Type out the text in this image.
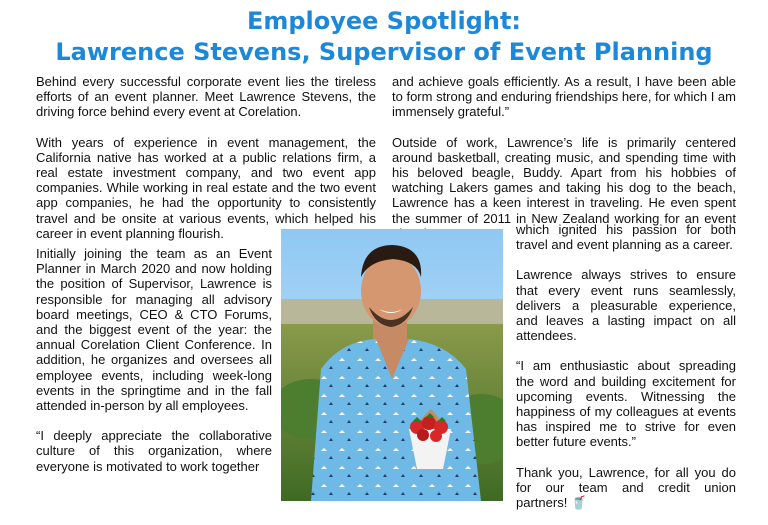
Employee Spotlight:
Lawrence Stevens, Supervisor of Event Planning

Behind every successful corporate event lies the tireless efforts of an event planner. Meet Lawrence Stevens, the driving force behind every event at Corelation.

With years of experience in event management, the California native has worked at a public relations firm, a real estate investment company, and two event app companies. While working in real estate and the two event app companies, he had the opportunity to consistently travel and be onsite at various events, which helped his career in event planning flourish.

Initially joining the team as an Event Planner in March 2020 and now holding the position of Supervisor, Lawrence is responsible for managing all advisory board meetings, CEO & CTO Forums, and the biggest event of the year: the annual Corelation Client Conference. In addition, he organizes and oversees all employee events, including week-long events in the springtime and in the fall attended in-person by all employees.

“I deeply appreciate the collaborative culture of this organization, where everyone is motivated to work together

and achieve goals efficiently. As a result, I have been able to form strong and enduring friendships here, for which I am immensely grateful.”

Outside of work, Lawrence’s life is primarily centered around basketball, creating music, and spending time with his beloved beagle, Buddy. Apart from his hobbies of watching Lakers games and taking his dog to the beach, Lawrence has a keen interest in traveling. He even spent the summer of 2011 in New Zealand working for an event

which ignited his passion for both travel and event planning as a career.

Lawrence always strives to ensure that every event runs seamlessly, delivers a pleasurable experience, and leaves a lasting impact on all attendees.

“I am enthusiastic about spreading the word and building excitement for upcoming events. Witnessing the happiness of my colleagues at events has inspired me to strive for even better future events.”

Thank you, Lawrence, for all you do for our team and credit union partners! 🥤
